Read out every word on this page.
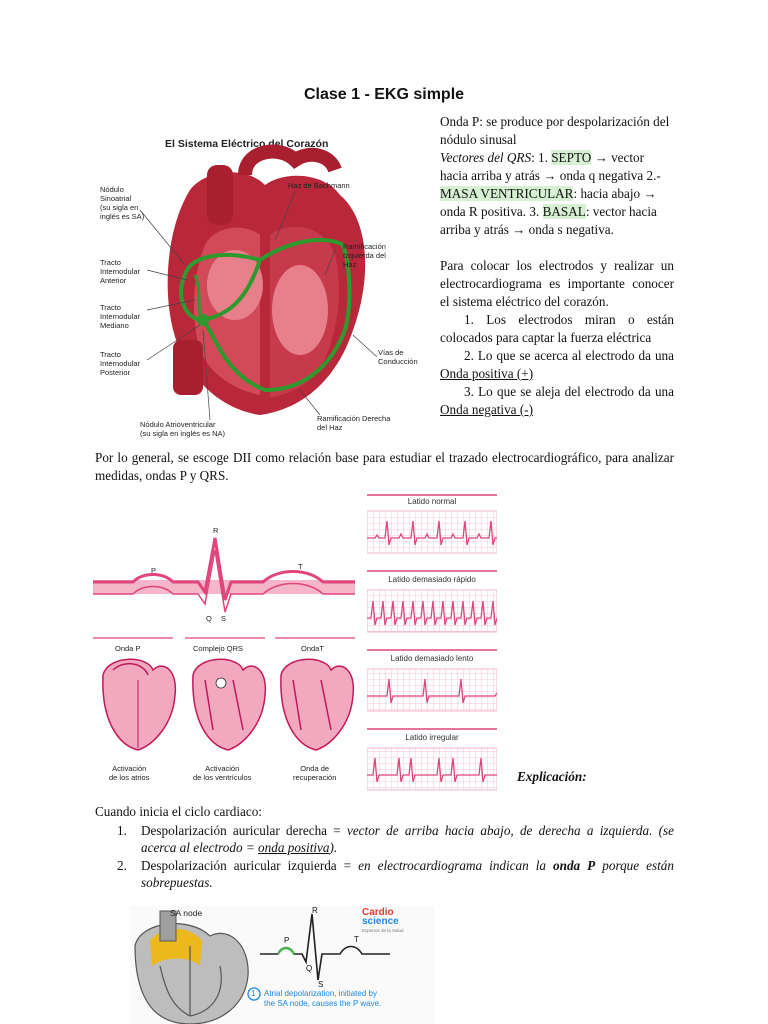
Clase 1 - EKG simple
El Sistema Eléctrico del Corazón
Nódulo
Sinoatrial
(su sigla en
inglés es SA)
Haz de Bachmann
Ramificación
Izquierda del
Haz
Tracto
Internodular
Anterior
Tracto
Internodular
Mediano
Tracto
Internodular
Posterior
Vías de
Conducción
Nódulo Atrioventricular
(su sigla en inglés es NA)
Ramificación Derecha
del Haz

Onda P: se produce por despolarización del nódulo sinusal

Vectores del QRS: 1. SEPTO → vector hacia arriba y atrás → onda q negativa 2.- MASA VENTRICULAR: hacia abajo → onda R positiva. 3. BASAL: vector hacia arriba y atrás → onda s negativa.

Para colocar los electrodos y realizar un electrocardiograma es importante conocer el sistema eléctrico del corazón.

1. Los electrodos miran o están colocados para captar la fuerza eléctrica

2. Lo que se acerca al electrodo da una Onda positiva (+)

3. Lo que se aleja del electrodo da una Onda negativa (-)

Por lo general, se escoge DII como relación base para estudiar el trazado electrocardiográfico, para analizar medidas, ondas P y QRS.
R
P	T
Q S
Onda P	Complejo QRS	OndaT
Activación
de los atrios
Activación
de los ventrículos
Onda de
recuperación
Latido normal
Latido demasiado rápido
Latido demasiado lento
Latido irregular
Explicación:
Cuando inicia el ciclo cardiaco:
1. Despolarización auricular derecha = vector de arriba hacia abajo, de derecha a izquierda. (se acerca al electrodo = onda positiva).
2. Despolarización auricular izquierda = en electrocardiograma indican la onda P porque están sobrepuestas.
SA node	R
P	T
Q
S
Cardio
science
Expertos de la Salud
1 Atrial depolarization, initiated by
the SA node, causes the P wave.
